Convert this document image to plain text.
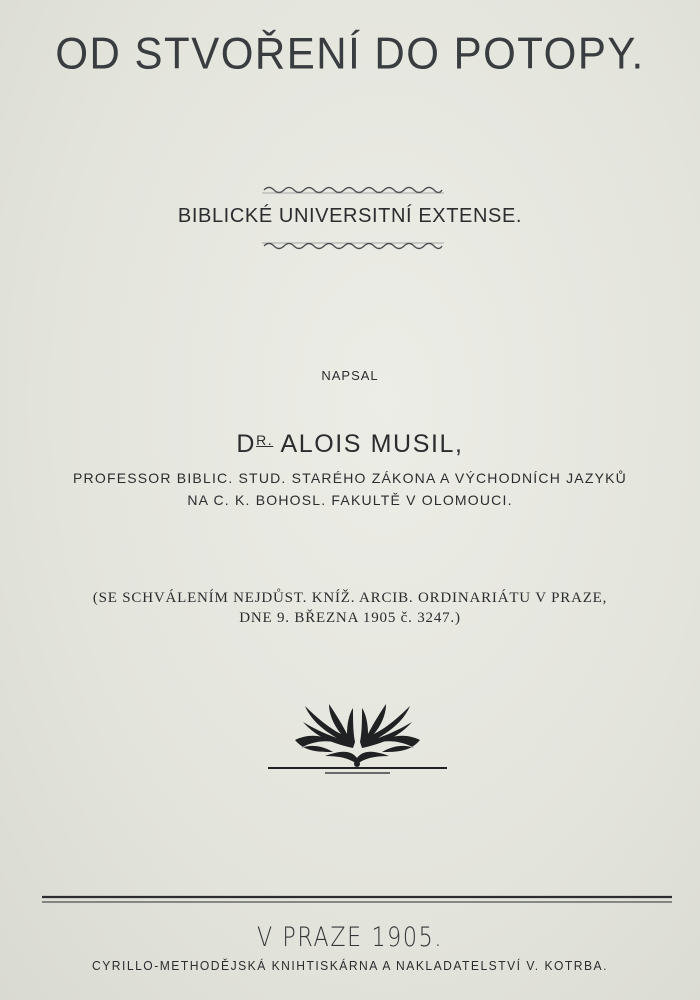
OD STVOŘENÍ DO POTOPY.
BIBLICKÉ UNIVERSITNÍ EXTENSE.
NAPSAL
$D^{R.}$ ALOIS MUSIL,
PROFESSOR BIBLIC. STUD. STARÉHO ZÁKONA A VÝCHODNÍCH JAZYKŮ
NA C. K. BOHOSL. FAKULTĚ V OLOMOUCI.
(SE SCHVÁLENÍM NEJDŮST. KNÍŽ. ARCIB. ORDINARIÁTU V PRAZE,
DNE 9. BŘEZNA 1905 č. 3247.)
V PRAZE 1905.
CYRILLO-METHODĚJSKÁ KNIHTISKÁRNA A NAKLADATELSTVÍ V. KOTRBA.
